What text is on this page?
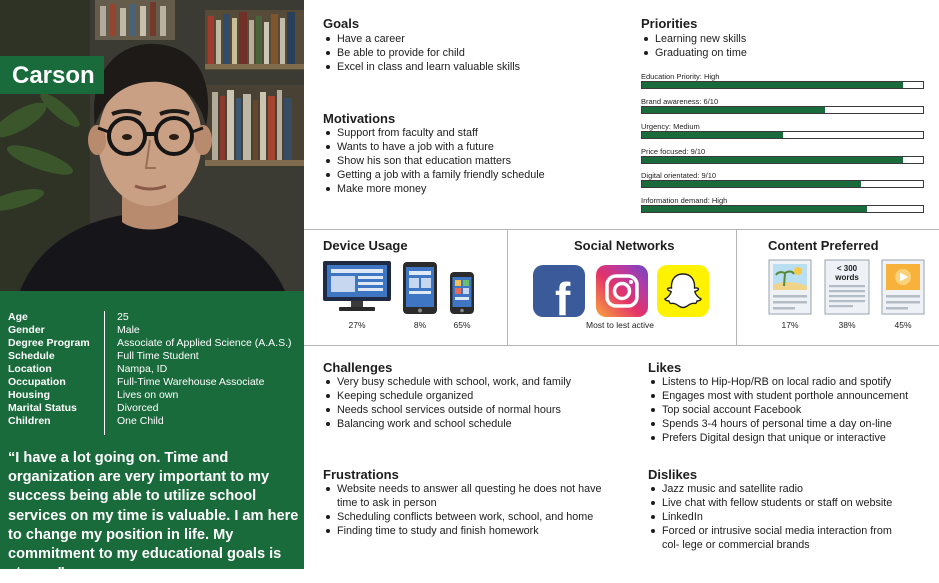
Carson
Age	25
Gender	Male
Degree Program	Associate of Applied Science (A.A.S.)
Schedule	Full Time Student
Location	Nampa, ID
Occupation	Full-Time Warehouse Associate
Housing	Lives on own
Marital Status	Divorced
Children	One Child
“I have a lot going on. Time and organization are very important to my success being able to utilize school services on my time is valuable. I am here to change my position in life. My commitment to my educational goals is strong.”
Goals
Have a career
Be able to provide for child
Excel in class and learn valuable skills
Motivations
Support from faculty and staff
Wants to have a job with a future
Show his son that education matters
Getting a job with a family friendly schedule
Make more money
Priorities
Learning new skills
Graduating on time
Education Priority: High
Brand awareness: 6/10
Urgency: Medium
Price focused: 9/10
Digital orientated: 9/10
Information demand: High
Device Usage
27%	8%	65%
Social Networks
f Most to lest active
Content Preferred
17%
< 300
words
38%	45%
Challenges
Very busy schedule with school, work, and family
Keeping schedule organized
Needs school services outside of normal hours
Balancing work and school schedule
Frustrations
Website needs to answer all questing he does not have time to ask in person
Scheduling conflicts between work, school, and home
Finding time to study and finish homework
Likes
Listens to Hip-Hop/RB on local radio and spotify
Engages most with student porthole announcement
Top social account Facebook
Spends 3-4 hours of personal time a day on-line
Prefers Digital design that unique or interactive
Dislikes
Jazz music and satellite radio
Live chat with fellow students or staff on website
LinkedIn
Forced or intrusive social media interaction from col- lege or commercial brands
